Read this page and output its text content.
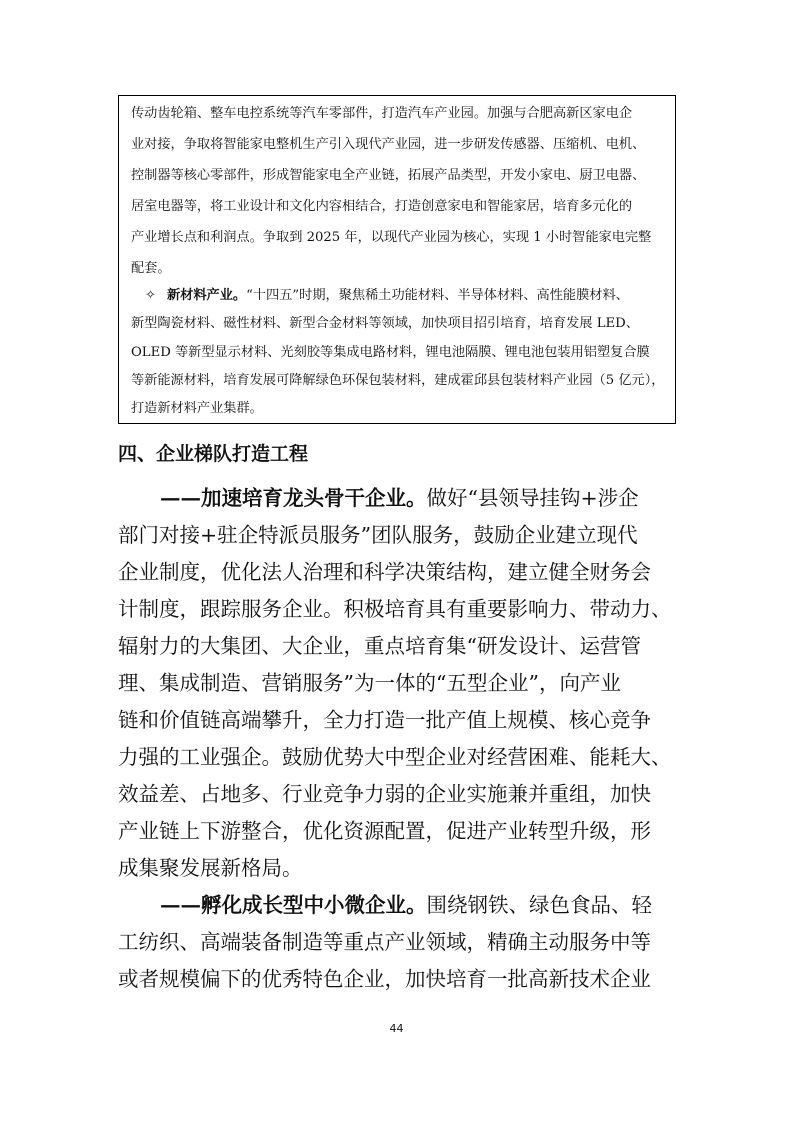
传动齿轮箱、整车电控系统等汽车零部件，打造汽车产业园。加强与合肥高新区家电企
业对接，争取将智能家电整机生产引入现代产业园，进一步研发传感器、压缩机、电机、
控制器等核心零部件，形成智能家电全产业链，拓展产品类型，开发小家电、厨卫电器、
居室电器等，将工业设计和文化内容相结合，打造创意家电和智能家居，培育多元化的
产业增长点和利润点。争取到 2025 年，以现代产业园为核心，实现 1 小时智能家电完整
配套。
✧ 新材料产业。“十四五”时期，聚焦稀土功能材料、半导体材料、高性能膜材料、
新型陶瓷材料、磁性材料、新型合金材料等领域，加快项目招引培育，培育发展 LED、
OLED 等新型显示材料、光刻胶等集成电路材料，锂电池隔膜、锂电池包装用铝塑复合膜
等新能源材料，培育发展可降解绿色环保包装材料，建成霍邱县包装材料产业园（5 亿元），
打造新材料产业集群。
四、企业梯队打造工程
——加速培育龙头骨干企业。做好“县领导挂钩+涉企
部门对接+驻企特派员服务”团队服务，鼓励企业建立现代
企业制度，优化法人治理和科学决策结构，建立健全财务会
计制度，跟踪服务企业。积极培育具有重要影响力、带动力、
辐射力的大集团、大企业，重点培育集“研发设计、运营管
理、集成制造、营销服务”为一体的“五型企业”，向产业
链和价值链高端攀升，全力打造一批产值上规模、核心竞争
力强的工业强企。鼓励优势大中型企业对经营困难、能耗大、
效益差、占地多、行业竞争力弱的企业实施兼并重组，加快
产业链上下游整合，优化资源配置，促进产业转型升级，形
成集聚发展新格局。
——孵化成长型中小微企业。围绕钢铁、绿色食品、轻
工纺织、高端装备制造等重点产业领域，精确主动服务中等
或者规模偏下的优秀特色企业，加快培育一批高新技术企业
44
